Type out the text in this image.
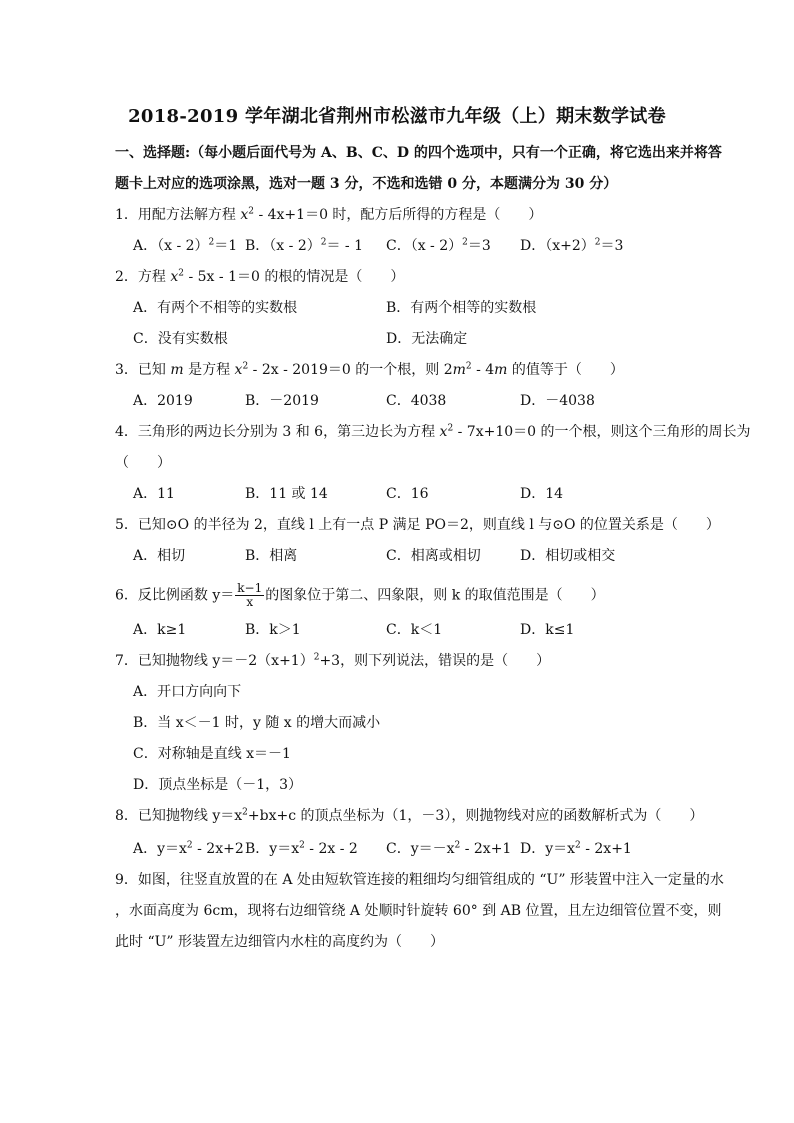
2018-2019 学年湖北省荆州市松滋市九年级（上）期末数学试卷
一、选择题:（每小题后面代号为 A、B、C、D 的四个选项中，只有一个正确，将它选出来并将答
题卡上对应的选项涂黑，选对一题 3 分，不选和选错 0 分，本题满分为 30 分）
1．用配方法解方程 $x^2 - 4x+1=0$ 时，配方后所得的方程是（　　）
A．（x - 2）$^2$＝1 B．（x - 2）$^2$＝ - 1 C．（x - 2）$^2$＝3 D．$(x+2)^2=3$
2．方程 $x^2 - 5x - 1=0$ 的根的情况是（　　）
A．有两个不相等的实数根	B．有两个相等的实数根
C．没有实数根	D．无法确定
3．已知 m 是方程 $x^2 - 2x - 2019=0$ 的一个根，则 $2m^2 - 4m$ 的值等于（　　）
A．2019	B．－2019	C．4038	D．－4038
4．三角形的两边长分别为 3 和 6，第三边长为方程 $x^2 - 7x+10=0$ 的一个根，则这个三角形的周长为
（　　）
A．11	B．11 或 14	C．16	D．14
5．已知⊙O 的半径为 2，直线 l 上有一点 P 满足 PO＝2，则直线 l 与⊙O 的位置关系是（　　）
A．相切	B．相离	C．相离或相切	D．相切或相交
6．反比例函数 $y= \frac{k-1}{x}$ 的图象位于第二、四象限，则 k 的取值范围是（　　）
A．k≥1	B．k＞1	C．k＜1	D．k≤1
7．已知抛物线 $y=-2(x+1)^2+3$，则下列说法，错误的是（　　）
A．开口方向向下
B．当 x＜－1 时，y 随 x 的增大而减小
C．对称轴是直线 x＝－1
D．顶点坐标是（－1，3）
8．已知抛物线 $y=x^2+bx+c$ 的顶点坐标为（1，－3），则抛物线对应的函数解析式为（　　）
A．$y=x^2 - 2x+2$ B．$y=x^2 - 2x - 2$ C．$y=-x^2 - 2x+1$ D．$y=x^2 - 2x+1$
9．如图，往竖直放置的在 A 处由短软管连接的粗细均匀细管组成的 “U” 形装置中注入一定量的水
，水面高度为 6cm，现将右边细管绕 A 处顺时针旋转 60° 到 AB 位置，且左边细管位置不变，则
此时 “U” 形装置左边细管内水柱的高度约为（　　）
